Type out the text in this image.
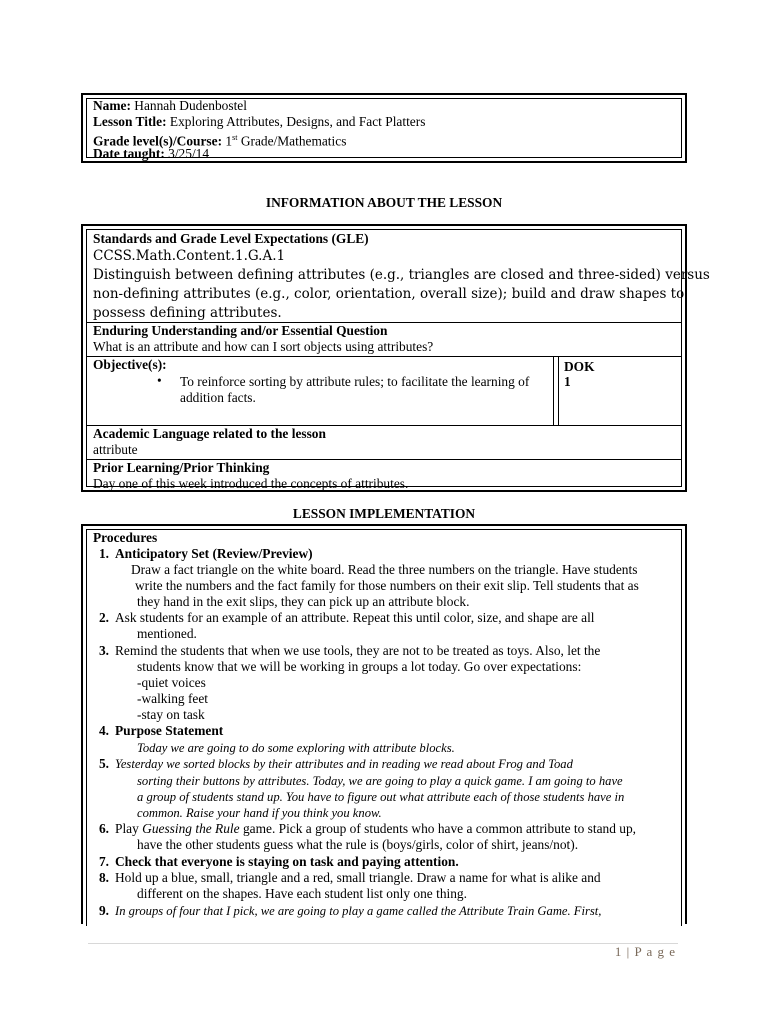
Name: Hannah Dudenbostel
Lesson Title: Exploring Attributes, Designs, and Fact Platters
Grade level(s)/Course: 1st Grade/Mathematics
Date taught: 3/25/14
INFORMATION ABOUT THE LESSON
Standards and Grade Level Expectations (GLE)
CCSS.Math.Content.1.G.A.1
Distinguish between defining attributes (e.g., triangles are closed and three-sided) versus
non-defining attributes (e.g., color, orientation, overall size); build and draw shapes to
possess defining attributes.
Enduring Understanding and/or Essential Question
What is an attribute and how can I sort objects using attributes?
Objective(s):
• To reinforce sorting by attribute rules; to facilitate the learning of
addition facts.
DOK
1
Academic Language related to the lesson
attribute
Prior Learning/Prior Thinking
Day one of this week introduced the concepts of attributes.
LESSON IMPLEMENTATION
Procedures
1. Anticipatory Set (Review/Preview)
Draw a fact triangle on the white board. Read the three numbers on the triangle. Have students
write the numbers and the fact family for those numbers on their exit slip. Tell students that as
they hand in the exit slips, they can pick up an attribute block.
2. Ask students for an example of an attribute. Repeat this until color, size, and shape are all
mentioned.
3. Remind the students that when we use tools, they are not to be treated as toys. Also, let the
students know that we will be working in groups a lot today. Go over expectations:
-quiet voices
-walking feet
-stay on task
4. Purpose Statement
Today we are going to do some exploring with attribute blocks.
5. Yesterday we sorted blocks by their attributes and in reading we read about Frog and Toad
sorting their buttons by attributes. Today, we are going to play a quick game. I am going to have
a group of students stand up. You have to figure out what attribute each of those students have in
common. Raise your hand if you think you know.
6. Play Guessing the Rule game. Pick a group of students who have a common attribute to stand up,
have the other students guess what the rule is (boys/girls, color of shirt, jeans/not).
7. Check that everyone is staying on task and paying attention.
8. Hold up a blue, small, triangle and a red, small triangle. Draw a name for what is alike and
different on the shapes. Have each student list only one thing.
9. In groups of four that I pick, we are going to play a game called the Attribute Train Game. First,
1 | P a g e
